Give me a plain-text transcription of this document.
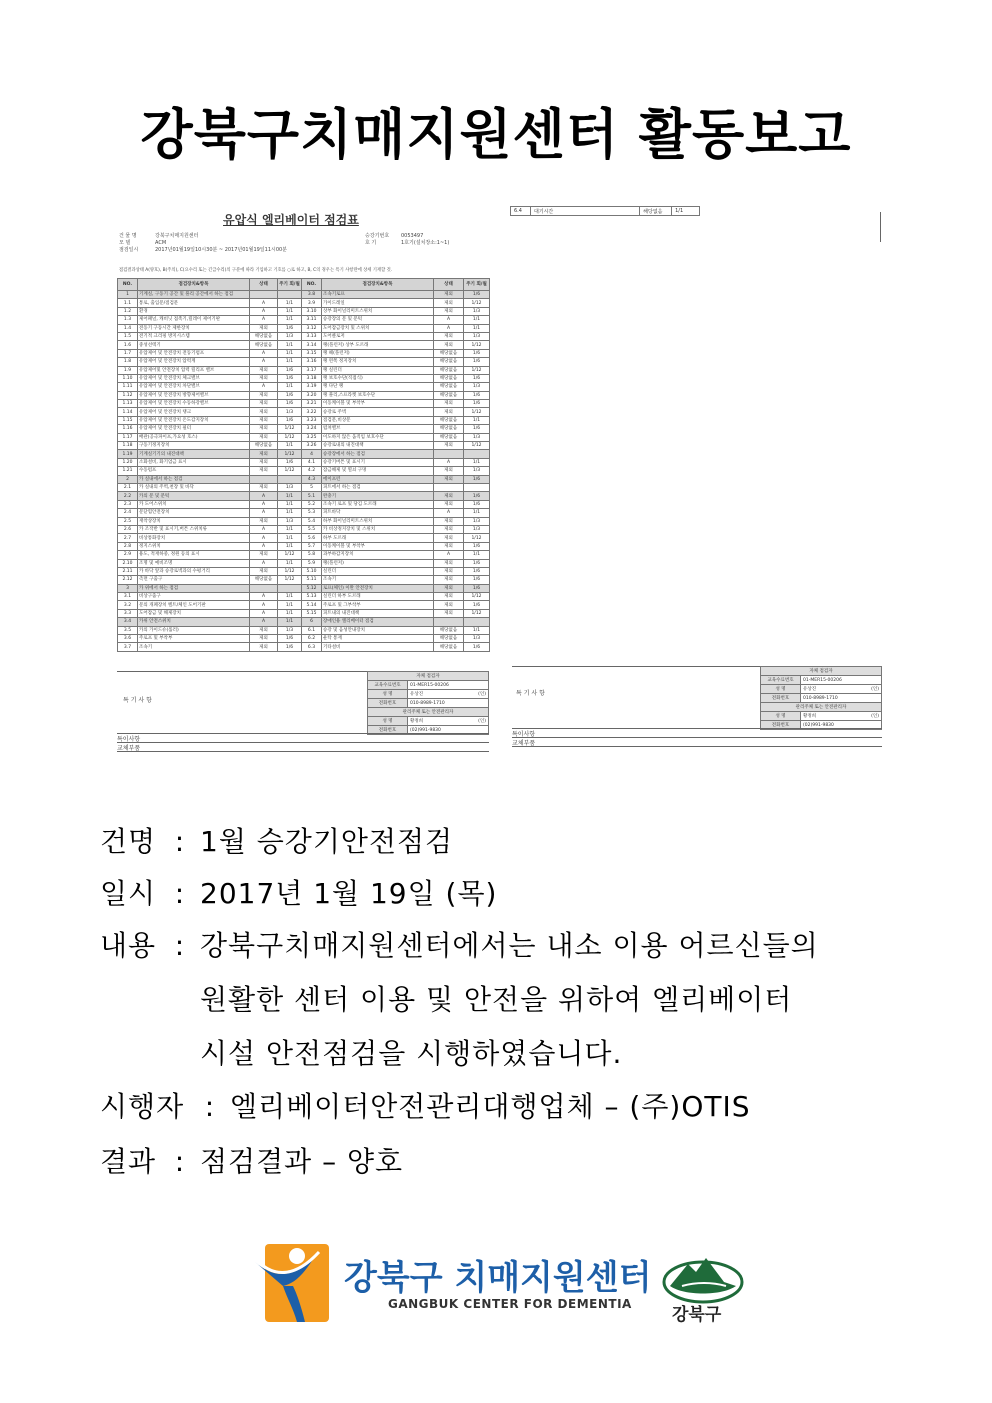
강북구치매지원센터 활동보고
유압식 엘리베이터 점검표
건 물 명	강북구치매지원센터
모 델	ACM
점검일시	2017년01월19일10시30분 ~ 2017년01월19일11시00분
승강기번호	0053497
호 기	1호기(설치장소:1~1)
점검결과상태 A(양호), B(주의), C(요수리 또는 긴급수리)의 구분에 따라 기입하고 기호를 ○로 하고, B, C의 경우는 특기 사항란에 상세 기재할 것.
NO.	점검장치&항목	상태	주기 회/월	NO.	점검장치&항목	상태	주기 회/월
1	기계실, 구동기 공간 및 풀리 공간에서 하는 점검			3.8	조속기로프	제외	1/6
1.1	통로, 출입문/점검문	A	1/1	3.9	가이드레일	제외	1/12
1.2	환경	A	1/1	3.10	상부 화이널리미트스위치	제외	1/3
1.3	제어패널, 캐비닛 접촉기,릴레이 제어기판	A	1/1	3.11	승강장의 문 및 문턱	A	1/1
1.4	전동기 구동시간 제한장치	제외	1/6	3.12	도어잠금장치 및 스위치	A	1/1
1.5	전기적 크리핑 방지시스템	해당없음	1/3	3.13	도어클로저	제외	1/3
1.6	중성선텍기	해당없음	1/1	3.14	랭(플런저) 상부 도르래	제외	1/12
1.7	유압제어 및 안전장치 전동기펌프	A	1/1	3.15	랭 헤(플런저)	해당없음	1/6
1.8	유압제어 및 안전장치 압력계	A	1/1	3.16	랭 왼쪽 정지장치	해당없음	1/6
1.9	유압제어및 안전장치 압력 릴리프 밸브	제외	1/6	3.17	랭 실린더	해당없음	1/12
1.10	유압제어 및 안전장치 체크밸브	제외	1/6	3.18	랭 보호수단(직접식)	해당없음	1/6
1.11	유압제어 및 안전장치 차단밸브	A	1/1	3.19	랭 다단 랭	해당없음	1/3
1.12	유압제어 및 안전장치 방향제어밸브	제외	1/6	3.20	랭 풀리,스프라켓 보호수단	해당없음	1/6
1.13	유압제어 및 안전장치 수동하강밸브	제외	1/6	3.21	이동케이블 및 부착부	제외	1/6
1.14	유압제어 및 안전장치 탱크	제외	1/3	3.22	승강로 주벽	제외	1/12
1.15	유압제어 및 안전장치 온도감지장치	제외	1/6	3.23	점검문,비상문	해당없음	1/1
1.16	유압제어 및 안전장치 필터	제외	1/12	3.24	럽쳐밸브	해당없음	1/6
1.17	배관(공극파이프,가요성 호스)	제외	1/12	3.25	이도하지 않은 움직임 보호수단	해당없음	1/3
1.18	구동기정지장치	해당없음	1/1	3.26	승강로내의 내진대책	제외	1/12
1.19	기계실기기의 내진대책	제외	1/12	4	승강장에서 하는 점검		
1.20	소화설비, 화기엄금 표시	제외	1/6	4.1	승강기버튼 및 표시기	A	1/1
1.21	수동펌프	제외	1/12	4.2	잠금해제 및 열쇠 구멍	제외	1/3
2	카 실내에서 하는 점검			4.3	에이프런	제외	1/6
2.1	카 실내의 주벽,천장 및 바닥	제외	1/3	5	피트에서 하는 점검		
2.2	카의 문 및 문턱	A	1/1	5.1	완충기	제외	1/6
2.3	카 도어스위치	A	1/1	5.2	조속기 로프 및 당김 도르래	제외	1/6
2.4	문닫힘안전장치	A	1/1	5.3	피트바닥	A	1/1
2.5	재착상장치	제외	1/3	5.4	하부 화이널리미트스위치	제외	1/3
2.6	카 조작반 및 표시기,버튼 스위치류	A	1/1	5.5	카 비상정지장치 및 스위치	제외	1/3
2.7	비상통화장치	A	1/1	5.6	하부 도르래	제외	1/12
2.8	정지스위치	A	1/1	5.7	이동케이블 및 부착부	제외	1/6
2.9	용도, 적재하중, 정원 등의 표시	제외	1/12	5.8	과부하감지장치	A	1/1
2.10	조명 및 예비조명	A	1/1	5.9	랭(플런저)	제외	1/6
2.11	카 바닥 앞과 승강로벽과의 수평거리	제외	1/12	5.10	실린더	제외	1/6
2.12	측면 구출구	해당없음	1/12	5.11	조속기	제외	1/6
3	카 위에서 하는 점검			5.12	로프(체인) 이완 안전장치	제외	1/6
3.1	비상구출구	A	1/1	5.13	실린더 하부 도르래	제외	1/12
3.2	문의 개폐장치 벨트/체인 도어기판	A	1/1	5.14	주로프 및 그부착부	제외	1/6
3.3	도어잠금 및 해제장치	A	1/1	5.15	피트내의 내진대책	제외	1/12
3.4	카위 안전스위치	A	1/1	6	장애인용 엘리베이터 점검		
3.5	카의 가이드슈(롤러)	제외	1/3	6.1	승강 및 음성안내장치	해당없음	1/1
3.6	주로프 및 부착부	제외	1/6	6.2	운탁 통재	해당없음	1/3
3.7	조속기	제외	1/6	6.3	기타설비	해당없음	1/6
특 기 사 항
자체 점검자	
교육수료번호	01-MER15-00206
성 명	유상진 (인)

전화번호	010-8989-1710
관리주체 또는 안전관리자	
성 명	황정희 (인)

전화번호	(02)991-9830
특이사항
교체부품
6.4	대기시간	해당없음	1/1
특 기 사 항
자체 점검자	
교육수료번호	01-MER15-00206
성 명	유상진 (인)

전화번호	010-8989-1710
관리주체 또는 안전관리자	
성 명	황정희 (인)

전화번호	(02)991-9830
특이사항
교체부품
건명 : 1월 승강기안전점검
일시 : 2017년 1월 19일 (목)
내용 : 강북구치매지원센터에서는 내소 이용 어르신들의
원활한 센터 이용 및 안전을 위하여 엘리베이터
시설 안전점검을 시행하였습니다.
시행자 : 엘리베이터안전관리대행업체 – (주)OTIS
결과 : 점검결과 – 양호
강북구 치매지원센터
GANGBUK CENTER FOR DEMENTIA
강북구
